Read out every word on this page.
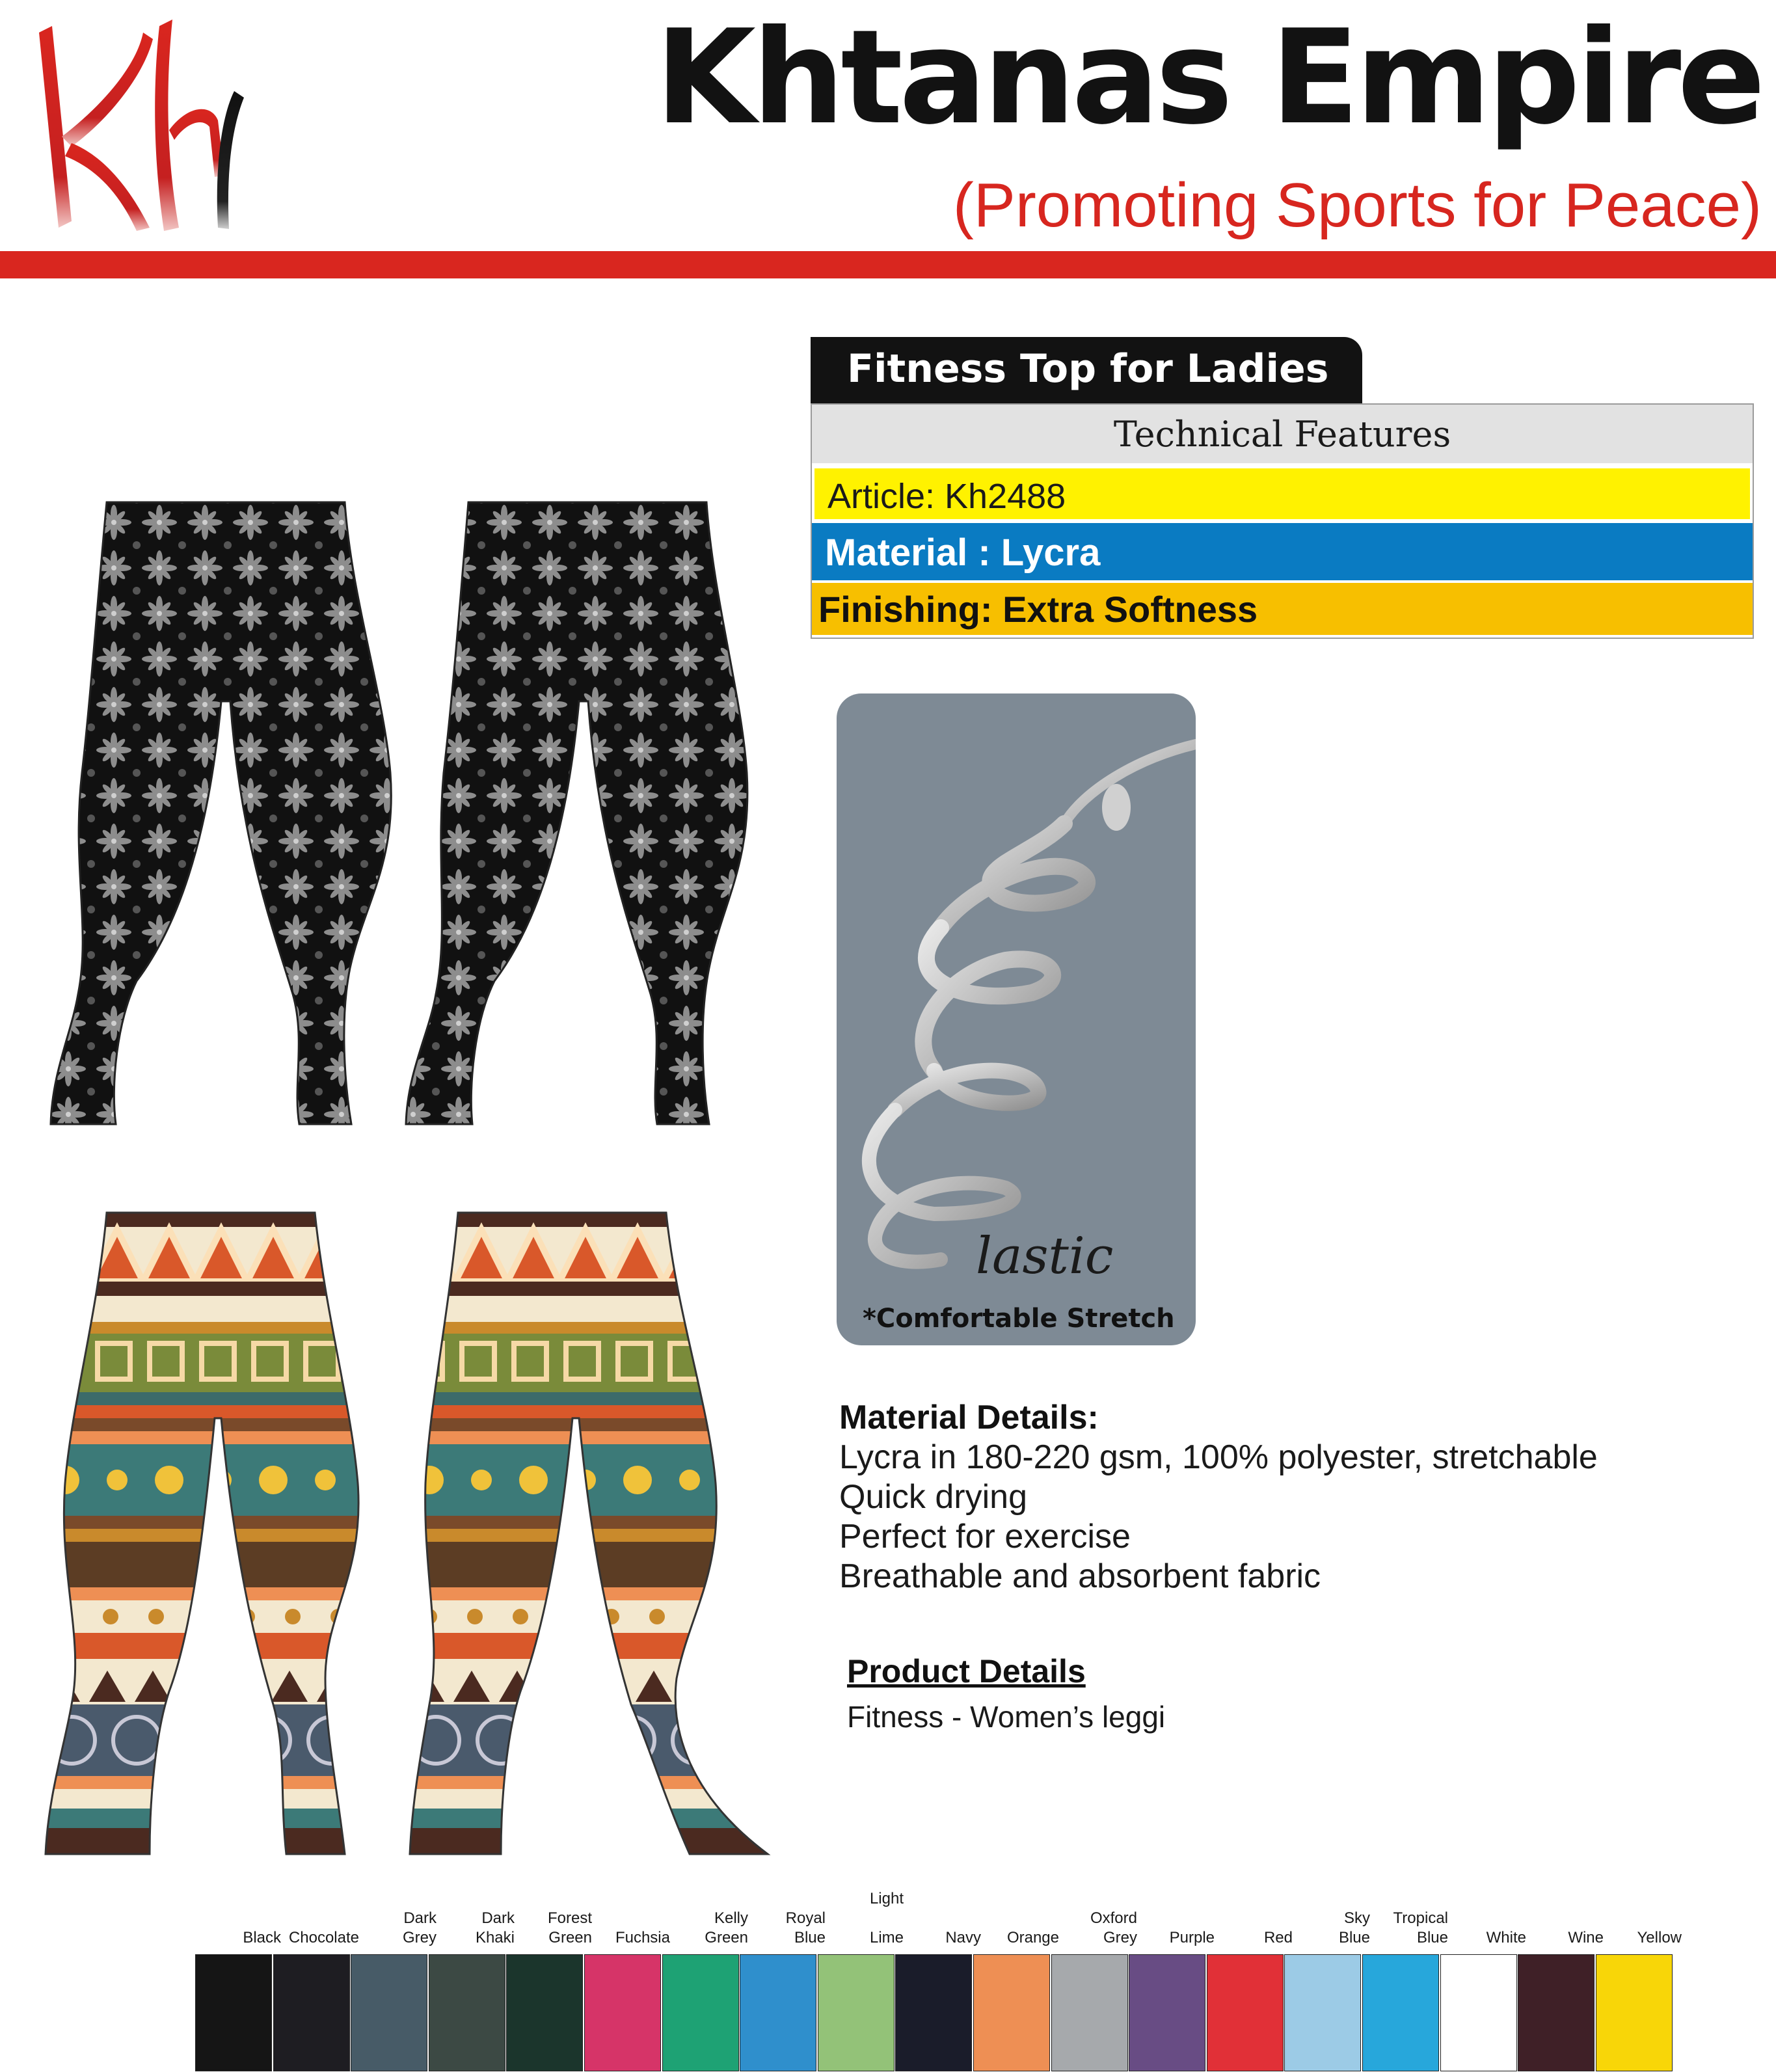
Khtanas Empire
(Promoting Sports for Peace)
Fitness Top for Ladies
Technical Features
Article: Kh2488
Material : Lycra
Finishing: Extra Softness
lastic
*Comfortable Stretch
Material Details:
Lycra in 180-220 gsm, 100% polyester, stretchable
Quick drying
Perfect for exercise
Breathable and absorbent fabric
Product Details
Fitness - Women’s leggi
Black Chocolate	Grey
Dark
Khaki
Dark
Green
Forest
Fuchsia	Green
Kelly
Blue
Royal
Lime
Light
Navy	Orange	Grey
Oxford
Purple	Red	Blue
Sky
Blue
Tropical
White	Wine	Yellow
